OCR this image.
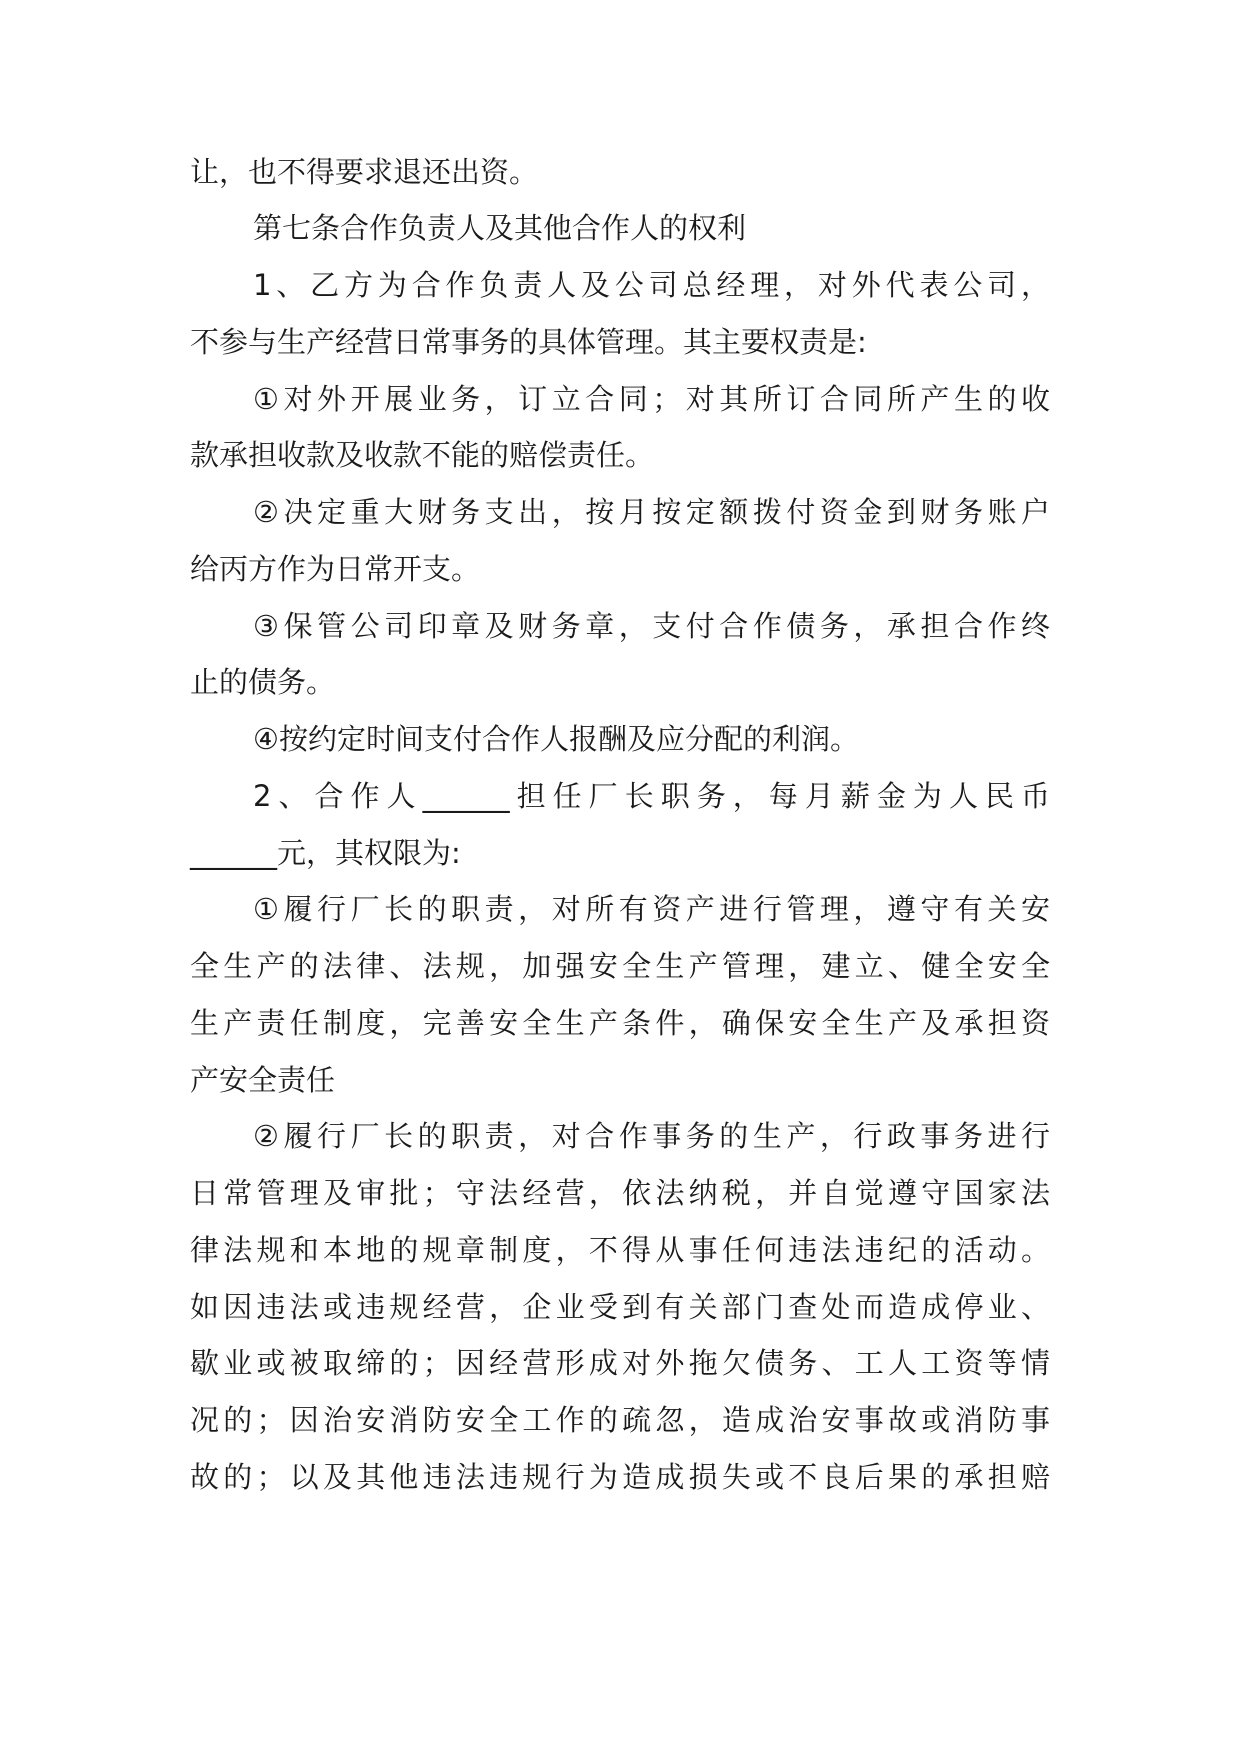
让，也不得要求退还出资。
第七条合作负责人及其他合作人的权利
1、乙方为合作负责人及公司总经理，对外代表公司，
不参与生产经营日常事务的具体管理。其主要权责是:
①对外开展业务，订立合同；对其所订合同所产生的收
款承担收款及收款不能的赔偿责任。
②决定重大财务支出，按月按定额拨付资金到财务账户
给丙方作为日常开支。
③保管公司印章及财务章，支付合作债务，承担合作终
止的债务。
④按约定时间支付合作人报酬及应分配的利润。
2、合作人______担任厂长职务，每月薪金为人民币
______元，其权限为:
①履行厂长的职责，对所有资产进行管理，遵守有关安
全生产的法律、法规，加强安全生产管理，建立、健全安全
生产责任制度，完善安全生产条件，确保安全生产及承担资
产安全责任
②履行厂长的职责，对合作事务的生产，行政事务进行
日常管理及审批；守法经营，依法纳税，并自觉遵守国家法
律法规和本地的规章制度，不得从事任何违法违纪的活动。
如因违法或违规经营，企业受到有关部门查处而造成停业、
歇业或被取缔的；因经营形成对外拖欠债务、工人工资等情
况的；因治安消防安全工作的疏忽，造成治安事故或消防事
故的；以及其他违法违规行为造成损失或不良后果的承担赔
